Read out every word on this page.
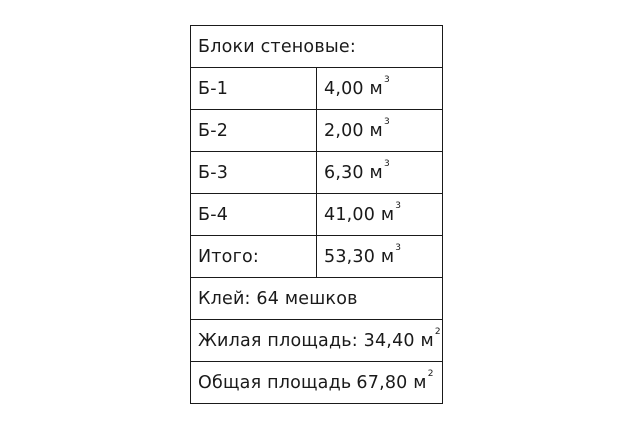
Блоки стеновые:	
Б-1	4,00 $м^3$
Б-2	2,00 $м^3$
Б-3	6,30 $м^3$
Б-4	41,00 $м^3$
Итого:	53,30 $м^3$
Клей: 64 мешков	
Жилая площадь: 34,40 $м^2$
Общая площадь 67,80 $м^2$
